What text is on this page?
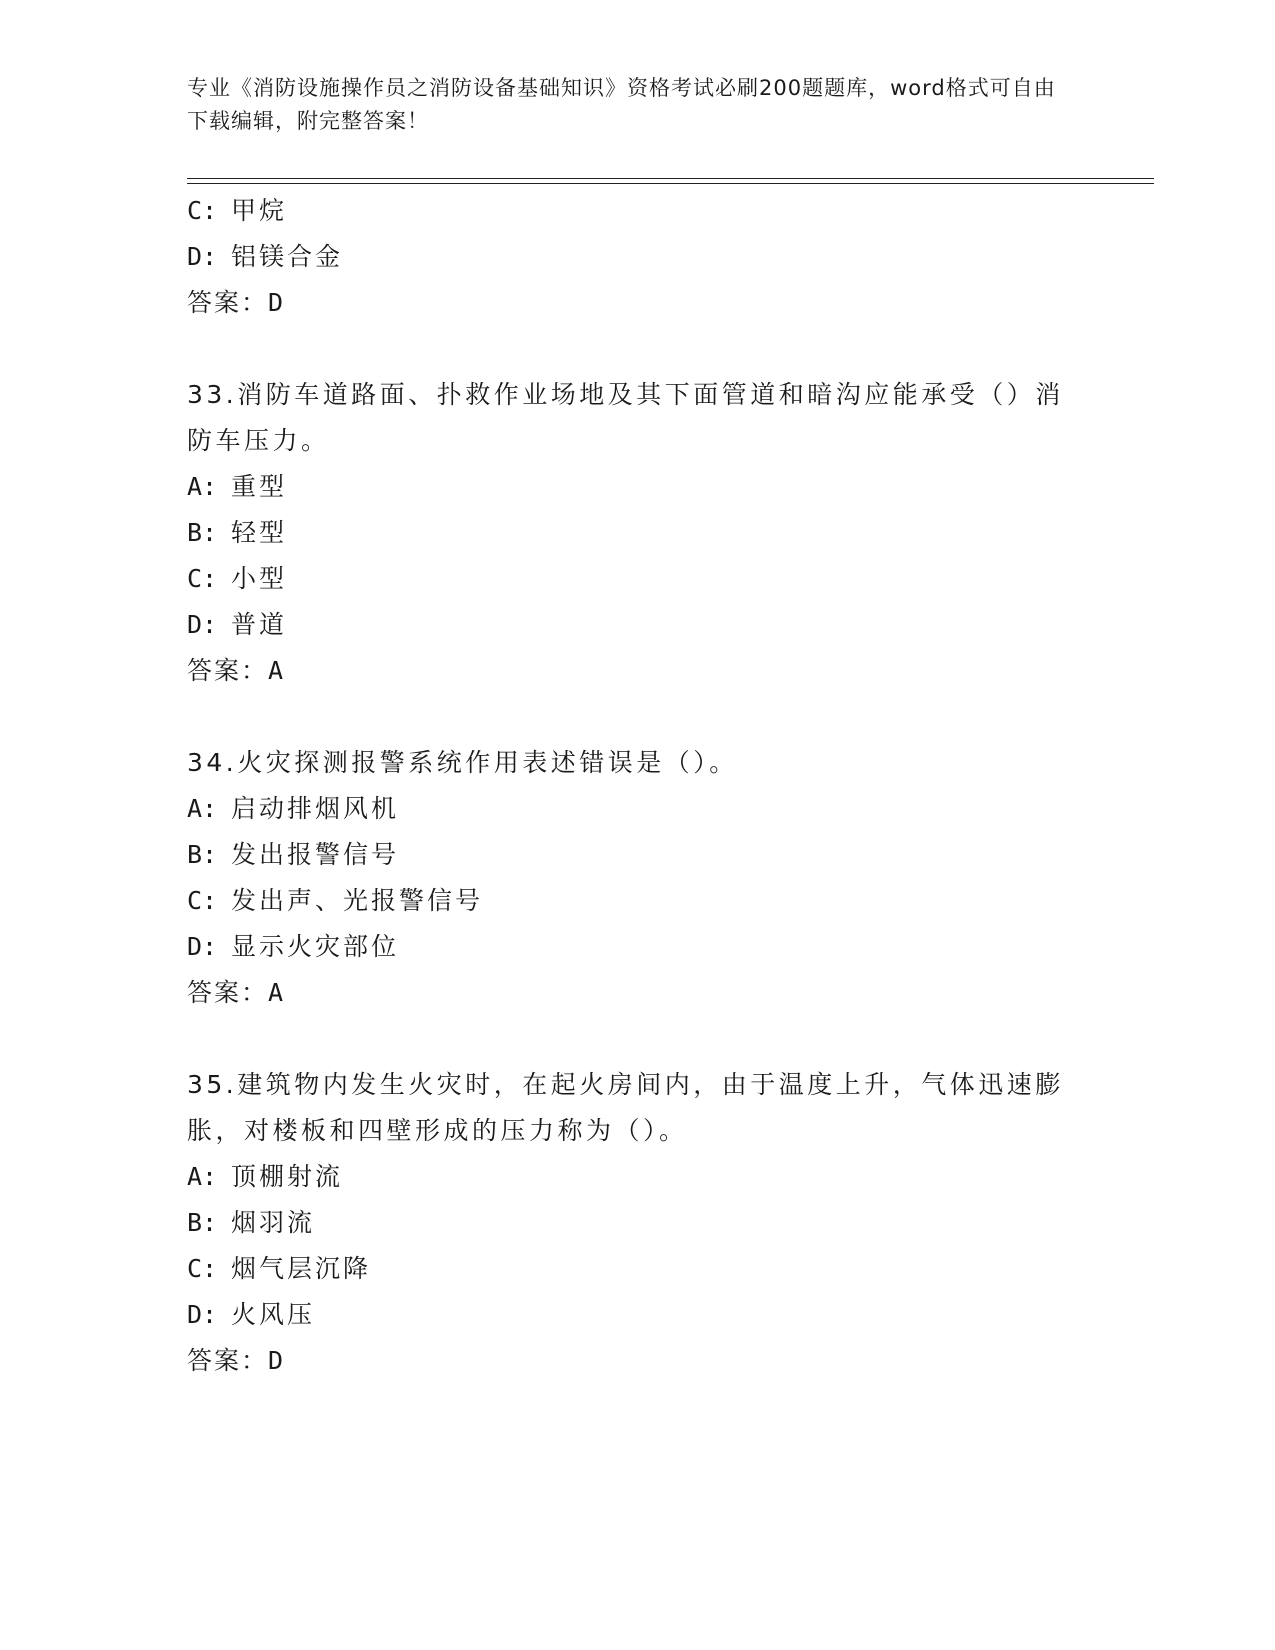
专业《消防设施操作员之消防设备基础知识》资格考试必刷200题题库，word格式可自由下载编辑，附完整答案！
C: 甲烷
D: 铝镁合金
答案：D
33.消防车道路面、扑救作业场地及其下面管道和暗沟应能承受（）消防车压力。
A: 重型
B: 轻型
C: 小型
D: 普道
答案：A
34.火灾探测报警系统作用表述错误是（）。
A: 启动排烟风机
B: 发出报警信号
C: 发出声、光报警信号
D: 显示火灾部位
答案：A
35.建筑物内发生火灾时，在起火房间内，由于温度上升，气体迅速膨胀，对楼板和四壁形成的压力称为（）。
A: 顶棚射流
B: 烟羽流
C: 烟气层沉降
D: 火风压
答案：D
